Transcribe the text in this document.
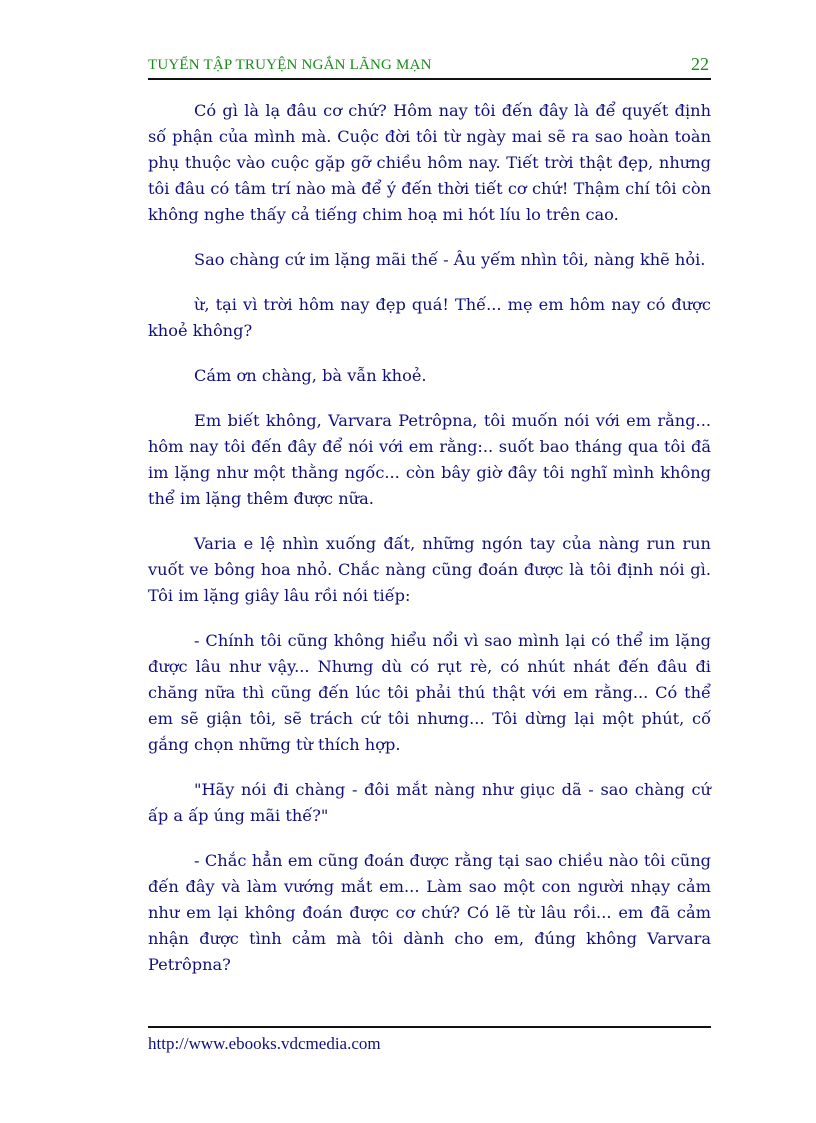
TUYỂN TẬP TRUYỆN NGẮN LÃNG MẠN	22

Có gì là lạ đâu cơ chứ? Hôm nay tôi đến đây là để quyết định số phận của mình mà. Cuộc đời tôi từ ngày mai sẽ ra sao hoàn toàn phụ thuộc vào cuộc gặp gỡ chiều hôm nay. Tiết trời thật đẹp, nhưng tôi đâu có tâm trí nào mà để ý đến thời tiết cơ chứ! Thậm chí tôi còn không nghe thấy cả tiếng chim hoạ mi hót líu lo trên cao.

Sao chàng cứ im lặng mãi thế - Âu yếm nhìn tôi, nàng khẽ hỏi.

ừ, tại vì trời hôm nay đẹp quá! Thế... mẹ em hôm nay có được khoẻ không?

Cám ơn chàng, bà vẫn khoẻ.

Em biết không, Varvara Petrôpna, tôi muốn nói với em rằng... hôm nay tôi đến đây để nói với em rằng:.. suốt bao tháng qua tôi đã im lặng như một thằng ngốc... còn bây giờ đây tôi nghĩ mình không thể im lặng thêm được nữa.

Varia e lệ nhìn xuống đất, những ngón tay của nàng run run vuốt ve bông hoa nhỏ. Chắc nàng cũng đoán được là tôi định nói gì. Tôi im lặng giây lâu rồi nói tiếp:

- Chính tôi cũng không hiểu nổi vì sao mình lại có thể im lặng được lâu như vậy... Nhưng dù có rụt rè, có nhút nhát đến đâu đi chăng nữa thì cũng đến lúc tôi phải thú thật với em rằng... Có thể em sẽ giận tôi, sẽ trách cứ tôi nhưng... Tôi dừng lại một phút, cố gắng chọn những từ thích hợp.

"Hãy nói đi chàng - đôi mắt nàng như giục dã - sao chàng cứ ấp a ấp úng mãi thế?"

- Chắc hẳn em cũng đoán được rằng tại sao chiều nào tôi cũng đến đây và làm vướng mắt em... Làm sao một con người nhạy cảm như em lại không đoán được cơ chứ? Có lẽ từ lâu rồi... em đã cảm nhận được tình cảm mà tôi dành cho em, đúng không Varvara Petrôpna?

http://www.ebooks.vdcmedia.com
